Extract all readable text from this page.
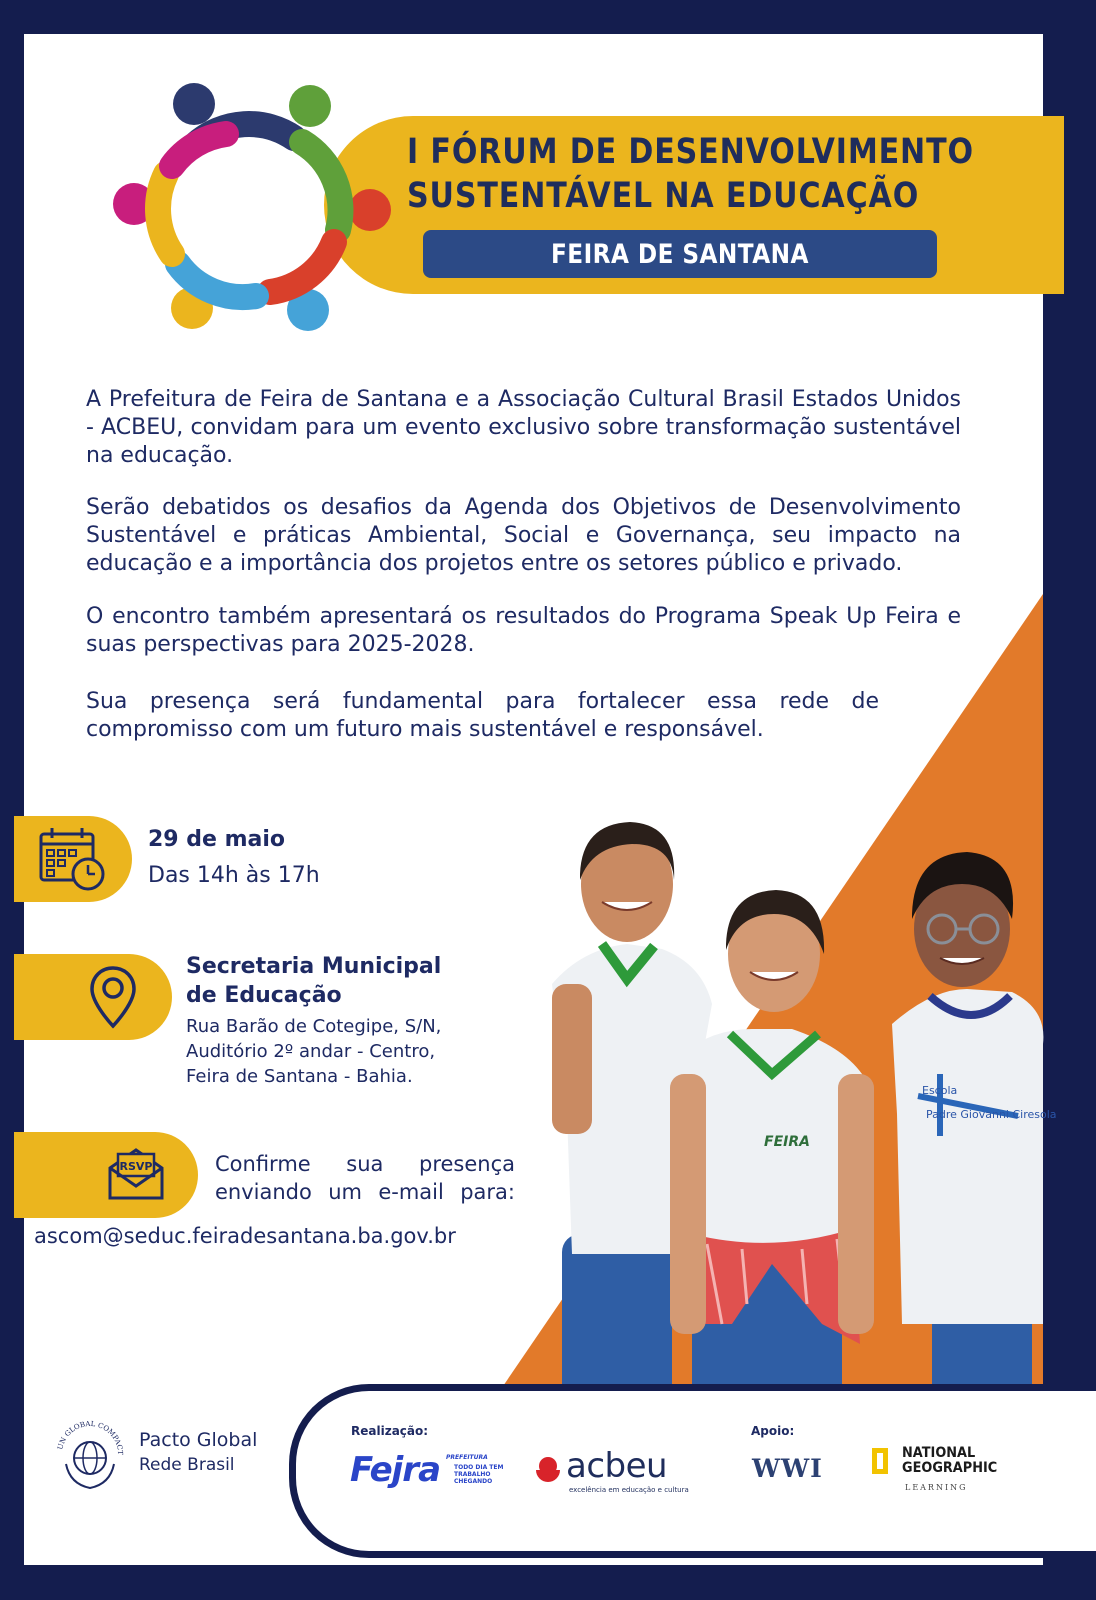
I FÓRUM DE DESENVOLVIMENTO
SUSTENTÁVEL NA EDUCAÇÃO
FEIRA DE SANTANA

A Prefeitura de Feira de Santana e a Associação Cultural Brasil Estados Unidos - ACBEU, convidam para um evento exclusivo sobre transformação sustentável na educação.

Serão debatidos os desafios da Agenda dos Objetivos de Desenvolvimento Sustentável e práticas Ambiental, Social e Governança, seu impacto na educação e a importância dos projetos entre os setores público e privado.

O encontro também apresentará os resultados do Programa Speak Up Feira e suas perspectivas para 2025-2028.

Sua presença será fundamental para fortalecer essa rede de compromisso com um futuro mais sustentável e responsável.

29 de maio
Das 14h às 17h
Secretaria Municipal
de Educação
Rua Barão de Cotegipe, S/N,
Auditório 2º andar - Centro,
Feira de Santana - Bahia.
RSVP	Confirme sua presença
enviando um e-mail para:
ascom@seduc.feiradesantana.ba.gov.br
Escola
Padre Giovanni Ciresola
FEIRA
UN GLOBAL COMPACT
Pacto Global
Rede Brasil
Realização:	Apoio:
Fejra PREFEITURA
TODO DIA TEM TRABALHO CHEGANDO	acbeu
excelência em educação e cultura
WWI
NATIONAL
GEOGRAPHIC
LEARNING
